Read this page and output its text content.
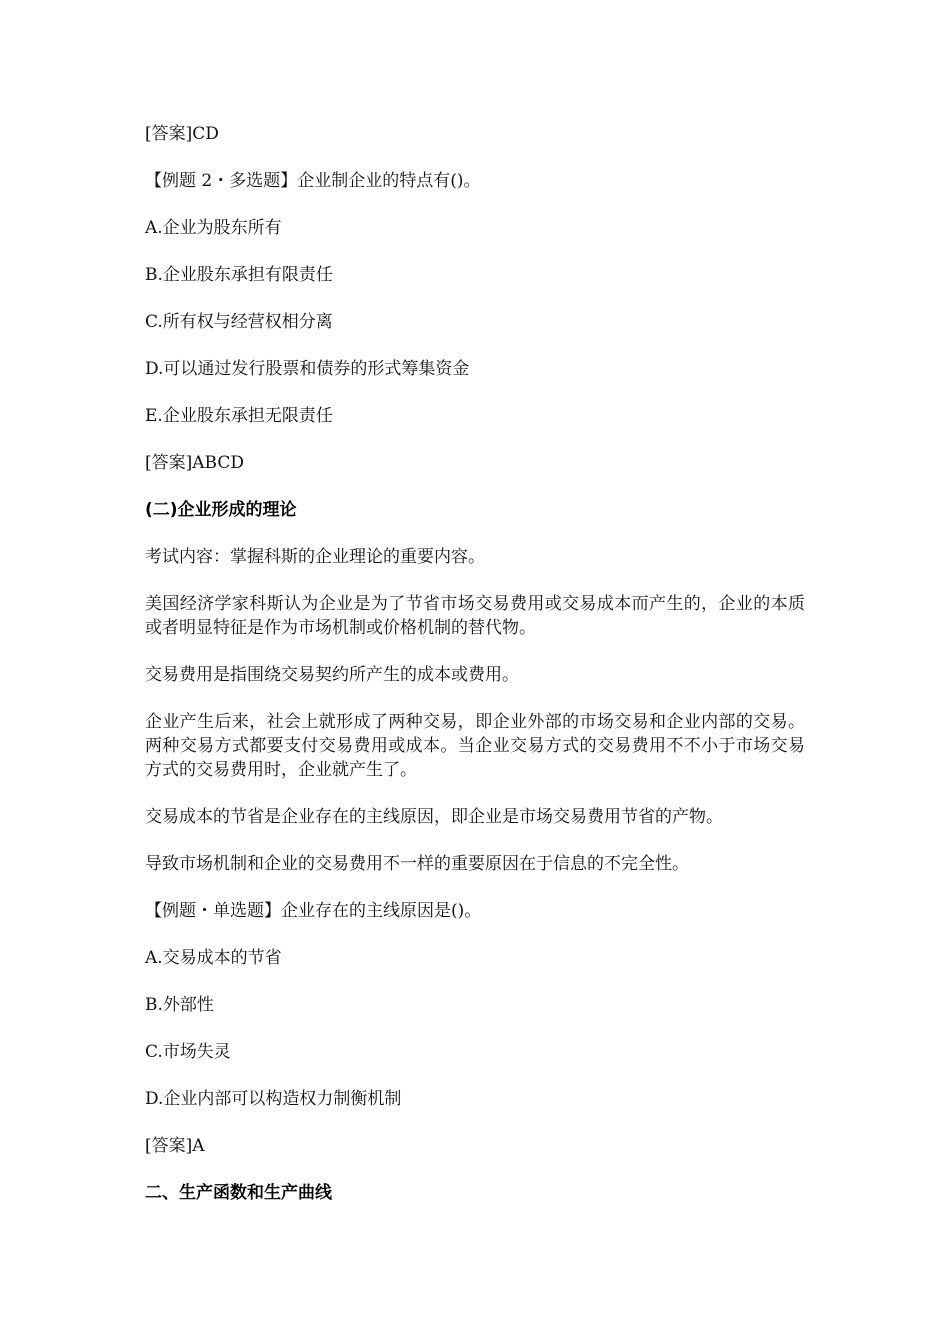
[答案]CD

【例题 2・多选题】企业制企业的特点有()。

A.企业为股东所有

B.企业股东承担有限责任

C.所有权与经营权相分离

D.可以通过发行股票和债券的形式筹集资金

E.企业股东承担无限责任

[答案]ABCD

(二)企业形成的理论

考试内容：掌握科斯的企业理论的重要内容。

美国经济学家科斯认为企业是为了节省市场交易费用或交易成本而产生的，企业的本质或者明显特征是作为市场机制或价格机制的替代物。

交易费用是指围绕交易契约所产生的成本或费用。

企业产生后来，社会上就形成了两种交易，即企业外部的市场交易和企业内部的交易。两种交易方式都要支付交易费用或成本。当企业交易方式的交易费用不不小于市场交易方式的交易费用时，企业就产生了。

交易成本的节省是企业存在的主线原因，即企业是市场交易费用节省的产物。

导致市场机制和企业的交易费用不一样的重要原因在于信息的不完全性。

【例题・单选题】企业存在的主线原因是()。

A.交易成本的节省

B.外部性

C.市场失灵

D.企业内部可以构造权力制衡机制

[答案]A

二、生产函数和生产曲线
